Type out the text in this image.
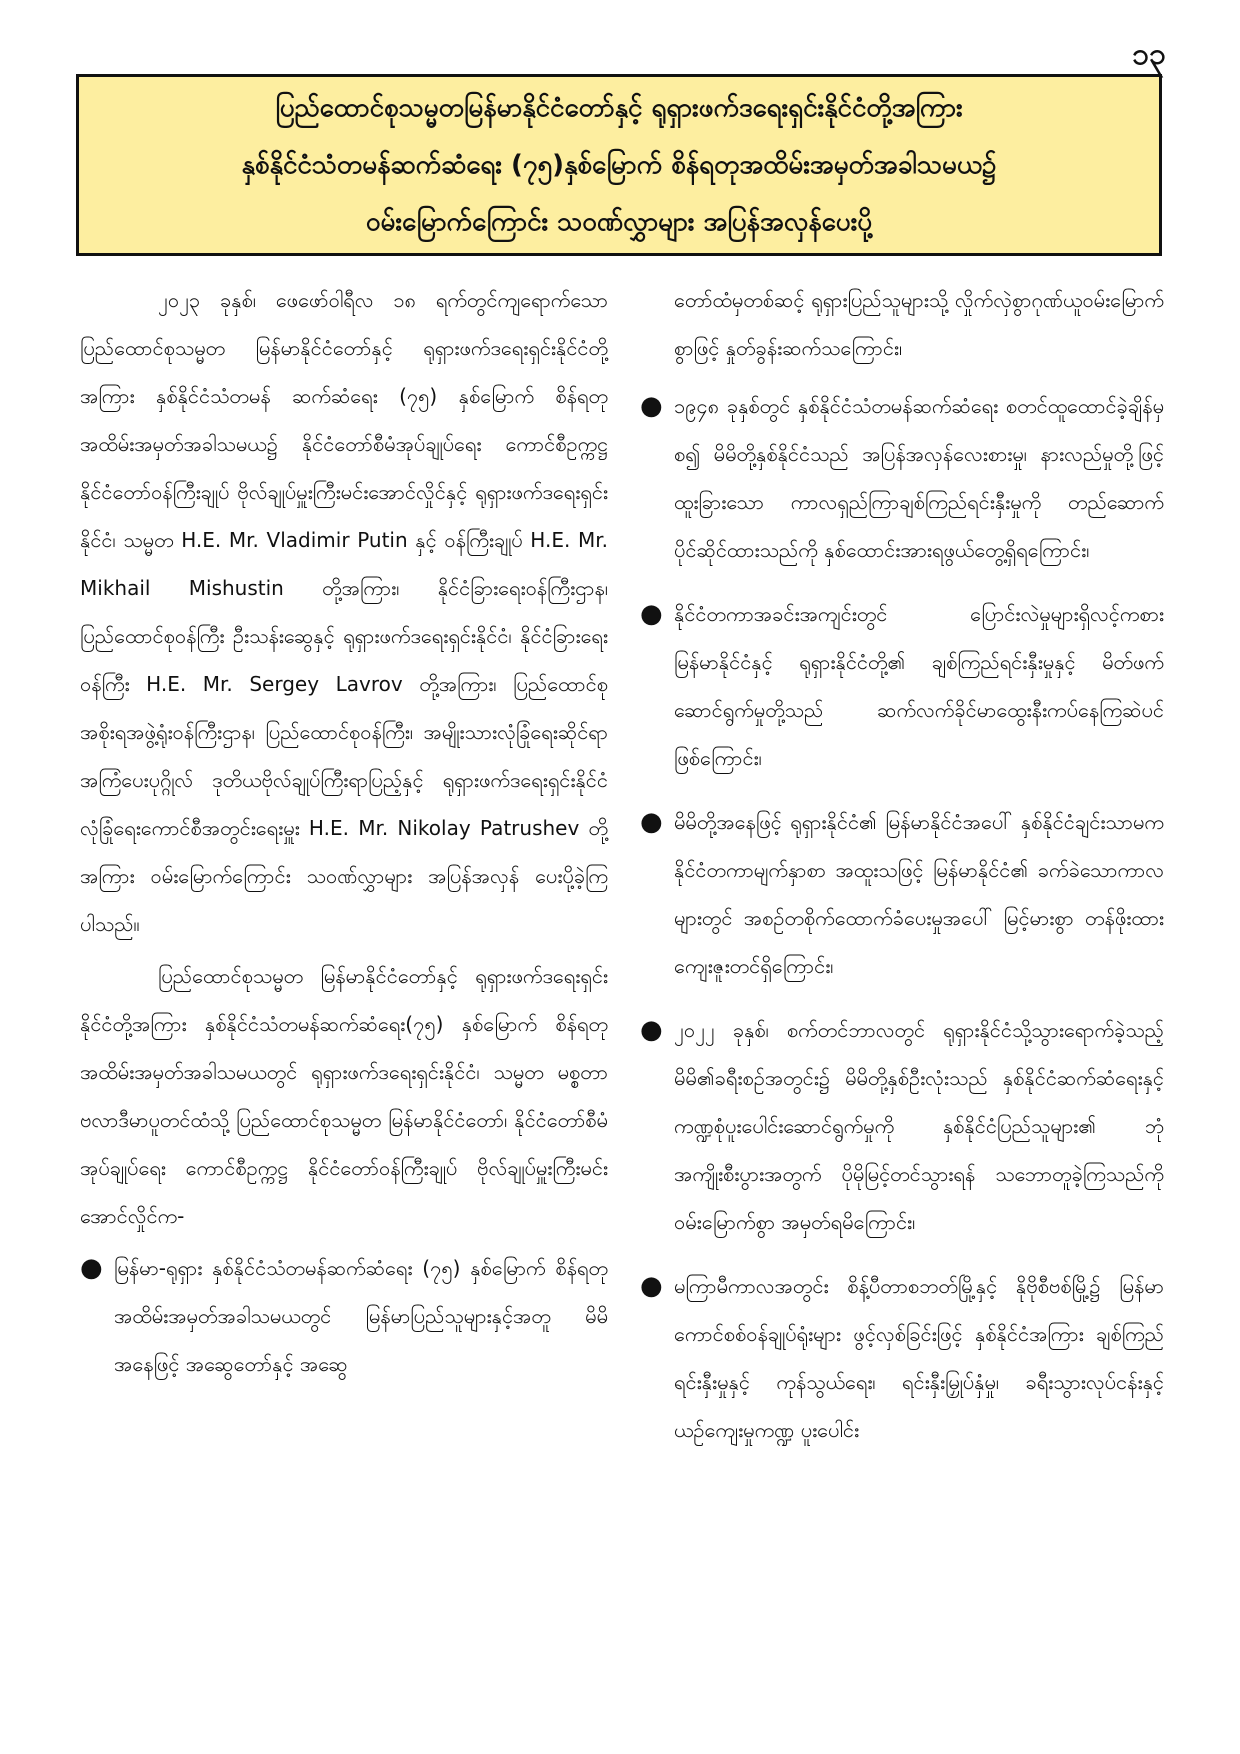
၁၃
ပြည်ထောင်စုသမ္မတမြန်မာနိုင်ငံတော်နှင့် ရုရှားဖက်ဒရေးရှင်းနိုင်ငံတို့အကြား
နှစ်နိုင်ငံသံတမန်ဆက်ဆံရေး (၇၅)နှစ်မြောက် စိန်ရတုအထိမ်းအမှတ်အခါသမယ၌
ဝမ်းမြောက်ကြောင်း သဝဏ်လွှာများ အပြန်အလှန်ပေးပို့

၂၀၂၃ ခုနှစ်၊ ဖေဖော်ဝါရီလ ၁၈ ရက်တွင်ကျရောက်သော ပြည်ထောင်စုသမ္မတ မြန်မာနိုင်ငံတော်နှင့် ရုရှားဖက်ဒရေးရှင်းနိုင်ငံတို့အကြား နှစ်နိုင်ငံသံတမန် ဆက်ဆံရေး (၇၅) နှစ်မြောက် စိန်ရတုအထိမ်းအမှတ်အခါသမယ၌ နိုင်ငံတော်စီမံအုပ်ချုပ်ရေး ကောင်စီဥက္ကဋ္ဌ နိုင်ငံတော်ဝန်ကြီးချုပ် ဗိုလ်ချုပ်မှူးကြီးမင်းအောင်လှိုင်နှင့် ရုရှားဖက်ဒရေးရှင်းနိုင်ငံ၊ သမ္မတ H.E. Mr. Vladimir Putin နှင့် ဝန်ကြီးချုပ် H.E. Mr. Mikhail Mishustin တို့အကြား၊ နိုင်ငံခြားရေးဝန်ကြီးဌာန၊ ပြည်ထောင်စုဝန်ကြီး ဦးသန်းဆွေနှင့် ရုရှားဖက်ဒရေးရှင်းနိုင်ငံ၊ နိုင်ငံခြားရေးဝန်ကြီး H.E. Mr. Sergey Lavrov တို့အကြား၊ ပြည်ထောင်စုအစိုးရအဖွဲ့ရုံးဝန်ကြီးဌာန၊ ပြည်ထောင်စုဝန်ကြီး၊ အမျိုးသားလုံခြုံရေးဆိုင်ရာအကြံပေးပုဂ္ဂိုလ် ဒုတိယဗိုလ်ချုပ်ကြီးရာပြည့်နှင့် ရုရှားဖက်ဒရေးရှင်းနိုင်ငံ လုံခြုံရေးကောင်စီအတွင်းရေးမှူး H.E. Mr. Nikolay Patrushev တို့အကြား ဝမ်းမြောက်ကြောင်း သဝဏ်လွှာများ အပြန်အလှန် ပေးပို့ခဲ့ကြပါသည်။

ပြည်ထောင်စုသမ္မတ မြန်မာနိုင်ငံတော်နှင့် ရုရှားဖက်ဒရေးရှင်းနိုင်ငံတို့အကြား နှစ်နိုင်ငံသံတမန်ဆက်ဆံရေး(၇၅) နှစ်မြောက် စိန်ရတုအထိမ်းအမှတ်အခါသမယတွင် ရုရှားဖက်ဒရေးရှင်းနိုင်ငံ၊ သမ္မတ မစ္စတာဗလာဒီမာပူတင်ထံသို့ ပြည်ထောင်စုသမ္မတ မြန်မာနိုင်ငံတော်၊ နိုင်ငံတော်စီမံအုပ်ချုပ်ရေး ကောင်စီဥက္ကဋ္ဌ နိုင်ငံတော်ဝန်ကြီးချုပ် ဗိုလ်ချုပ်မှူးကြီးမင်းအောင်လှိုင်က-

● မြန်မာ-ရုရှား နှစ်နိုင်ငံသံတမန်ဆက်ဆံရေး (၇၅) နှစ်မြောက် စိန်ရတုအထိမ်းအမှတ်အခါသမယတွင် မြန်မာပြည်သူများနှင့်အတူ မိမိအနေဖြင့် အဆွေတော်နှင့် အဆွေ

တော်ထံမှတစ်ဆင့် ရုရှားပြည်သူများသို့ လှိုက်လှဲစွာဂုဏ်ယူဝမ်းမြောက်စွာဖြင့် နှုတ်ခွန်းဆက်သကြောင်း၊

● ၁၉၄၈ ခုနှစ်တွင် နှစ်နိုင်ငံသံတမန်ဆက်ဆံရေး စတင်ထူထောင်ခဲ့ချိန်မှစ၍ မိမိတို့နှစ်နိုင်ငံသည် အပြန်အလှန်လေးစားမှု၊ နားလည်မှုတို့ဖြင့် ထူးခြားသော ကာလရှည်ကြာချစ်ကြည်ရင်းနှီးမှုကို တည်ဆောက်ပိုင်ဆိုင်ထားသည်ကို နှစ်ထောင်းအားရဖွယ်တွေ့ရှိရကြောင်း၊
● နိုင်ငံတကာအခင်းအကျင်းတွင် ပြောင်းလဲမှုများရှိလင့်ကစား မြန်မာနိုင်ငံနှင့် ရုရှားနိုင်ငံတို့၏ ချစ်ကြည်ရင်းနှီးမှုနှင့် မိတ်ဖက်ဆောင်ရွက်မှုတို့သည် ဆက်လက်ခိုင်မာထွေးနီးကပ်နေကြဆဲပင်ဖြစ်ကြောင်း၊
● မိမိတို့အနေဖြင့် ရုရှားနိုင်ငံ၏ မြန်မာနိုင်ငံအပေါ် နှစ်နိုင်ငံချင်းသာမက နိုင်ငံတကာမျက်နှာစာ အထူးသဖြင့် မြန်မာနိုင်ငံ၏ ခက်ခဲသောကာလများတွင် အစဉ်တစိုက်ထောက်ခံပေးမှုအပေါ် မြင့်မားစွာ တန်ဖိုးထားကျေးဇူးတင်ရှိကြောင်း၊
● ၂၀၂၂ ခုနှစ်၊ စက်တင်ဘာလတွင် ရုရှားနိုင်ငံသို့သွားရောက်ခဲ့သည့် မိမိ၏ခရီးစဉ်အတွင်း၌ မိမိတို့နှစ်ဦးလုံးသည် နှစ်နိုင်ငံဆက်ဆံရေးနှင့် ကဏ္ဍစုံပူးပေါင်းဆောင်ရွက်မှုကို နှစ်နိုင်ငံပြည်သူများ၏ ဘုံအကျိုးစီးပွားအတွက် ပိုမိုမြင့်တင်သွားရန် သဘောတူခဲ့ကြသည်ကို ဝမ်းမြောက်စွာ အမှတ်ရမိကြောင်း၊
● မကြာမီကာလအတွင်း စိန့်ပီတာစဘတ်မြို့နှင့် နိုဗိုစီဗစ်မြို့၌ မြန်မာကောင်စစ်ဝန်ချုပ်ရုံးများ ဖွင့်လှစ်ခြင်းဖြင့် နှစ်နိုင်ငံအကြား ချစ်ကြည်ရင်းနှီးမှုနှင့် ကုန်သွယ်ရေး၊ ရင်းနှီးမြှုပ်နှံမှု၊ ခရီးသွားလုပ်ငန်းနှင့် ယဉ်ကျေးမှုကဏ္ဍ ပူးပေါင်း
